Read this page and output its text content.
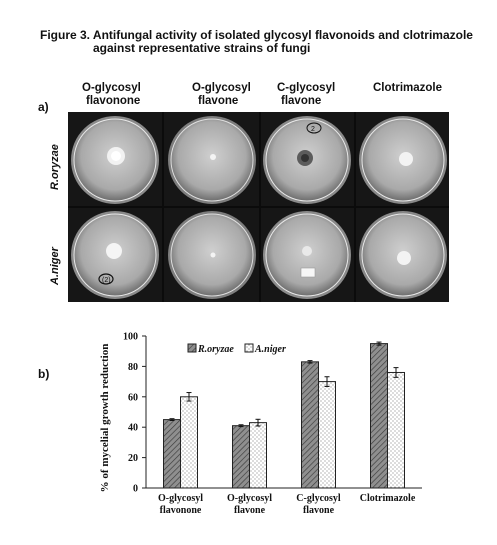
Figure 3. Antifungal activity of isolated glycosyl flavonoids and clotrimazole
against representative strains of fungi
a)
O-glycosyl
flavonone
O-glycosyl
flavone
C-glycosyl
flavone
Clotrimazole
R.oryzae
A.niger
2
(2)
b)
0
20
40
60
80
100
% of mycelial growth reduction
O-glycosyl
flavonone
O-glycosyl
flavone
C-glycosyl
flavone
Clotrimazole
R.oryzae A.niger
